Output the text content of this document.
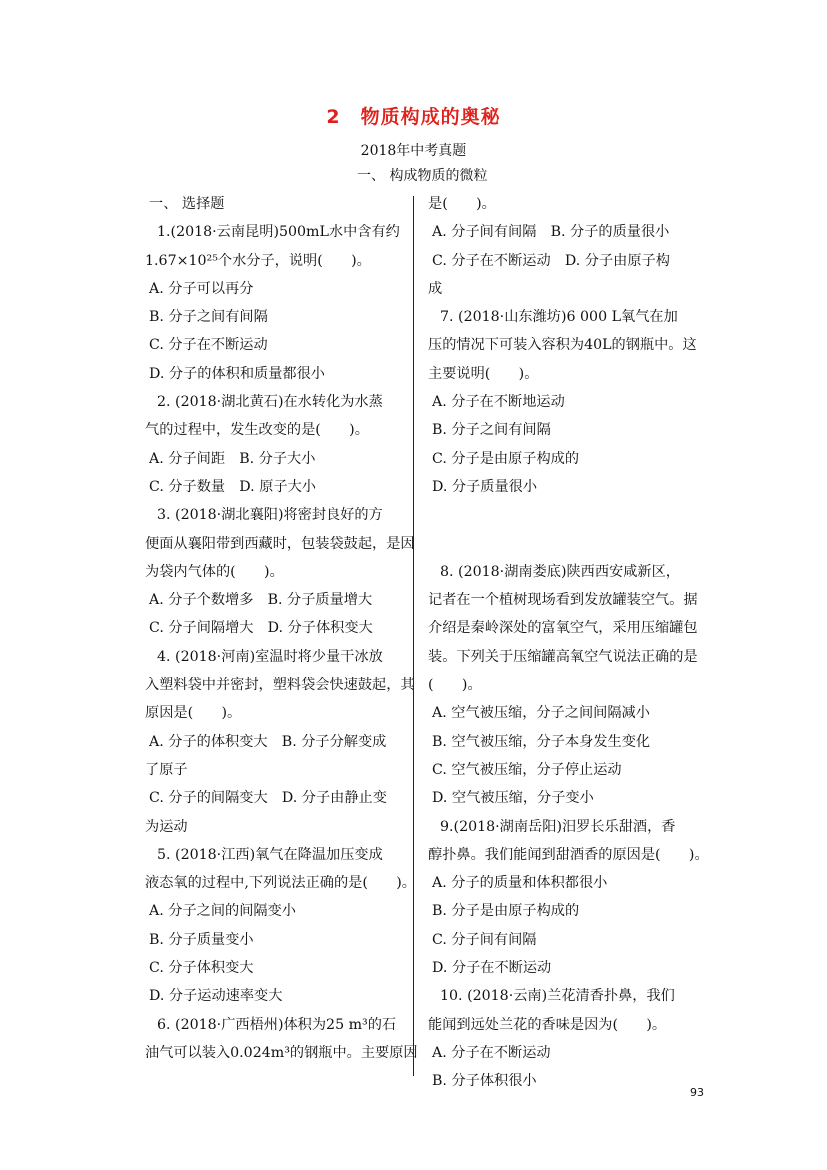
2　物质构成的奥秘
2018年中考真题
一、 构成物质的微粒
一、 选择题
1.(2018·云南昆明)500mL水中含有约
1.67×10²⁵个水分子，说明(　　)。
A. 分子可以再分
B. 分子之间有间隔
C. 分子在不断运动
D. 分子的体积和质量都很小
2. (2018·湖北黄石)在水转化为水蒸
气的过程中，发生改变的是(　　)。
A. 分子间距　B. 分子大小
C. 分子数量　D. 原子大小
3. (2018·湖北襄阳)将密封良好的方
便面从襄阳带到西藏时，包装袋鼓起，是因
为袋内气体的(　　)。
A. 分子个数增多　B. 分子质量增大
C. 分子间隔增大　D. 分子体积变大
4. (2018·河南)室温时将少量干冰放
入塑料袋中并密封，塑料袋会快速鼓起，其
原因是(　　)。
A. 分子的体积变大　B. 分子分解变成
了原子
C. 分子的间隔变大　D. 分子由静止变
为运动
5. (2018·江西)氧气在降温加压变成
液态氧的过程中,下列说法正确的是(　　)。
A. 分子之间的间隔变小
B. 分子质量变小
C. 分子体积变大
D. 分子运动速率变大
6. (2018·广西梧州)体积为25 m³的石
油气可以装入0.024m³的钢瓶中。主要原因
是(　　)。
A. 分子间有间隔　B. 分子的质量很小
C. 分子在不断运动　D. 分子由原子构
成
7. (2018·山东潍坊)6 000 L氧气在加
压的情况下可装入容积为40L的钢瓶中。这
主要说明(　　)。
A. 分子在不断地运动
B. 分子之间有间隔
C. 分子是由原子构成的
D. 分子质量很小
8. (2018·湖南娄底)陕西西安咸新区，
记者在一个植树现场看到发放罐装空气。据
介绍是秦岭深处的富氧空气，采用压缩罐包
装。下列关于压缩罐高氧空气说法正确的是
(　　)。
A. 空气被压缩，分子之间间隔减小
B. 空气被压缩，分子本身发生变化
C. 空气被压缩，分子停止运动
D. 空气被压缩，分子变小
9.(2018·湖南岳阳)汨罗长乐甜酒，香
醇扑鼻。我们能闻到甜酒香的原因是(　　)。
A. 分子的质量和体积都很小
B. 分子是由原子构成的
C. 分子间有间隔
D. 分子在不断运动
10. (2018·云南)兰花清香扑鼻，我们
能闻到远处兰花的香味是因为(　　)。
A. 分子在不断运动
B. 分子体积很小
93
